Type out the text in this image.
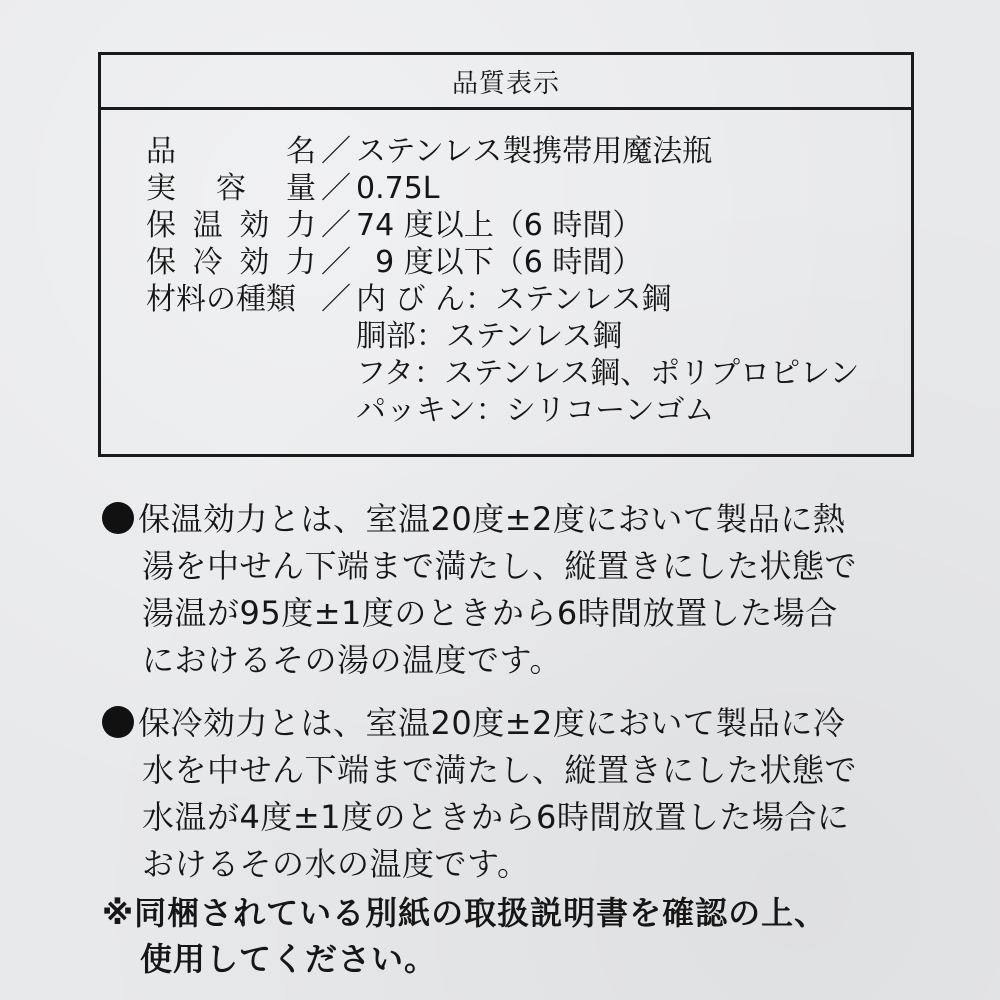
品質表示
品	名 ／ ステンレス製携帯用魔法瓶
実 容 量 ／ 0.75L
保 温 効 力 ／ 74 度以上（6 時間）
保 冷 効 力 ／ 9 度以下（6 時間）
材料の種類 ／ 内 び ん：ステンレス鋼
胴部：ステンレス鋼
フタ：ステンレス鋼、ポリプロピレン
パッキン：シリコーンゴム
保温効力とは、室温20度±2度において製品に熱
湯を中せん下端まで満たし、縦置きにした状態で
湯温が95度±1度のときから6時間放置した場合
におけるその湯の温度です。
保冷効力とは、室温20度±2度において製品に冷
水を中せん下端まで満たし、縦置きにした状態で
水温が4度±1度のときから6時間放置した場合に
おけるその水の温度です。
※同梱されている別紙の取扱説明書を確認の上、
使用してください。
